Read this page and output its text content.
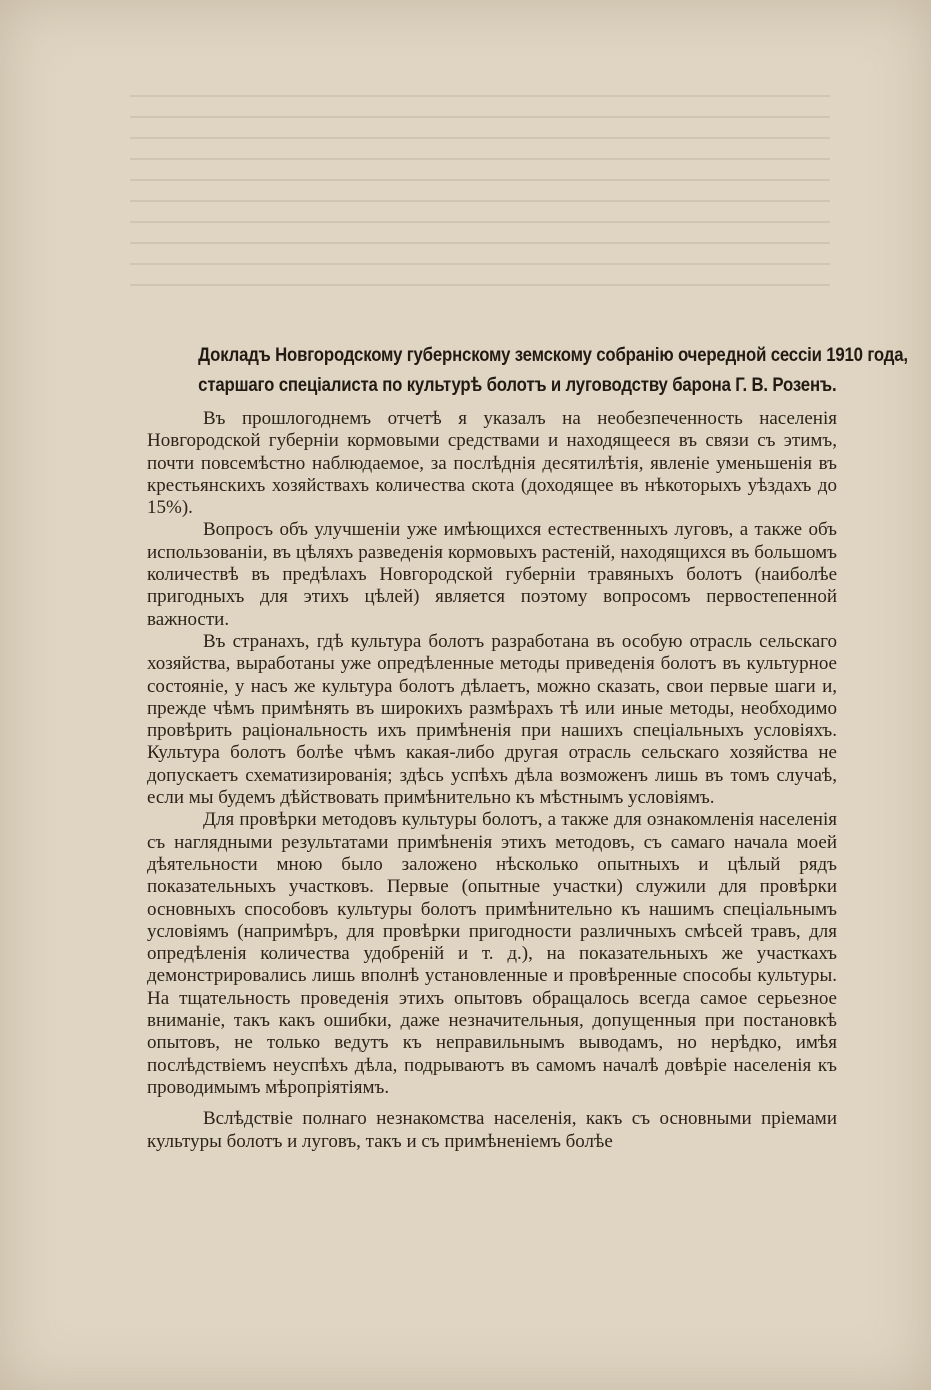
Докладъ Новгородскому губернскому земскому собранію очередной сессіи 1910 года,
старшаго спеціалиста по культурѣ болотъ и луговодству барона Г. В. Розенъ.

Въ прошлогоднемъ отчетѣ я указалъ на необезпеченность населенія Новгородской губерніи кормовыми средствами и находящееся въ связи съ этимъ, почти повсемѣстно наблюдаемое, за послѣднія десятилѣтія, явленіе уменьшенія въ крестьянскихъ хозяйствахъ количества скота (доходящее въ нѣкоторыхъ уѣздахъ до 15%).

Вопросъ объ улучшеніи уже имѣющихся естественныхъ луговъ, а также объ использованіи, въ цѣляхъ разведенія кормовыхъ растеній, находящихся въ большомъ количествѣ въ предѣлахъ Новгородской губерніи травяныхъ болотъ (наиболѣе пригодныхъ для этихъ цѣлей) является поэтому вопросомъ первостепенной важности.

Въ странахъ, гдѣ культура болотъ разработана въ особую отрасль сельскаго хозяйства, выработаны уже опредѣленные методы приведенія болотъ въ культурное состояніе, у насъ же культура болотъ дѣлаетъ, можно сказать, свои первые шаги и, прежде чѣмъ примѣнять въ широкихъ размѣрахъ тѣ или иные методы, необходимо провѣрить раціональность ихъ примѣненія при нашихъ спеціальныхъ условіяхъ. Культура болотъ болѣе чѣмъ какая-либо другая отрасль сельскаго хозяйства не допускаетъ схематизированія; здѣсь успѣхъ дѣла возможенъ лишь въ томъ случаѣ, если мы будемъ дѣйствовать примѣнительно къ мѣстнымъ условіямъ.

Для провѣрки методовъ культуры болотъ, а также для ознакомленія населенія съ наглядными результатами примѣненія этихъ методовъ, съ самаго начала моей дѣятельности мною было заложено нѣсколько опытныхъ и цѣлый рядъ показательныхъ участковъ. Первые (опытные участки) служили для провѣрки основныхъ способовъ культуры болотъ примѣнительно къ нашимъ спеціальнымъ условіямъ (напримѣръ, для провѣрки пригодности различныхъ смѣсей травъ, для опредѣленія количества удобреній и т. д.), на показательныхъ же участкахъ демонстрировались лишь вполнѣ установленные и провѣренные способы культуры. На тщательность проведенія этихъ опытовъ обращалось всегда самое серьезное вниманіе, такъ какъ ошибки, даже незначительныя, допущенныя при постановкѣ опытовъ, не только ведутъ къ неправильнымъ выводамъ, но нерѣдко, имѣя послѣдствіемъ неуспѣхъ дѣла, подрываютъ въ самомъ началѣ довѣріе населенія къ проводимымъ мѣропріятіямъ.

Вслѣдствіе полнаго незнакомства населенія, какъ съ основными пріемами культуры болотъ и луговъ, такъ и съ примѣненіемъ болѣе
